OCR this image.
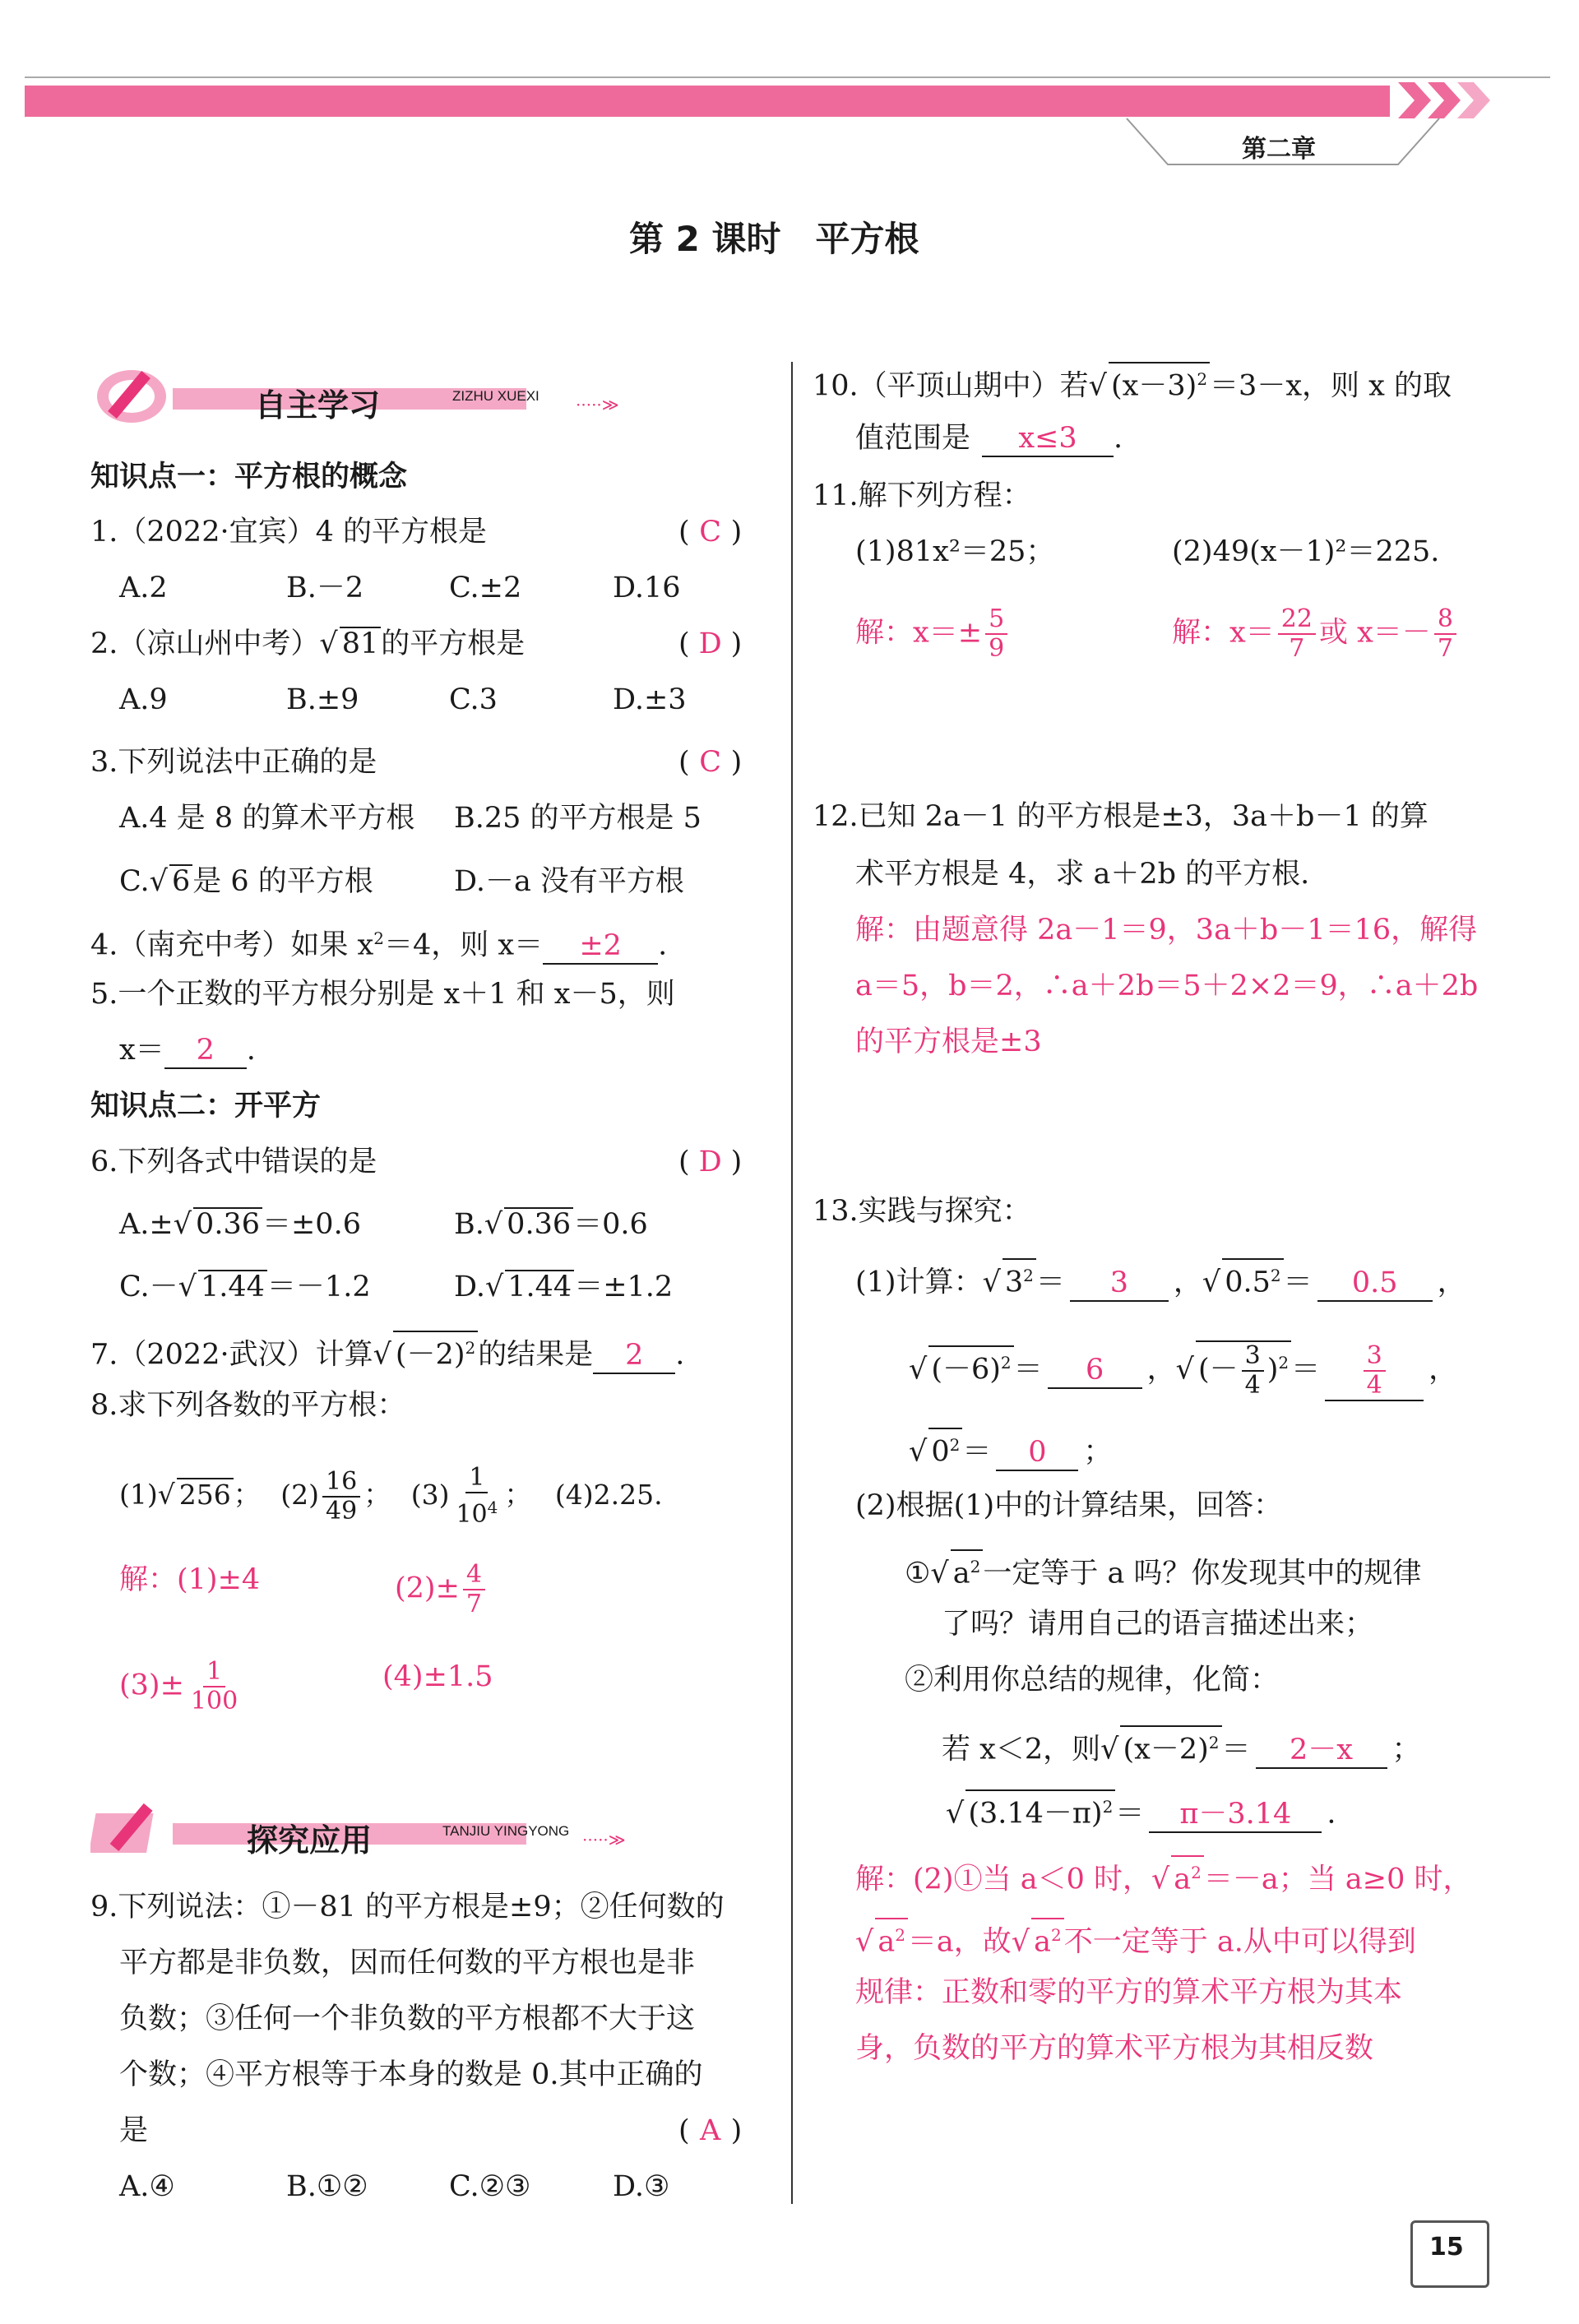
第二章
第 2 课时　平方根
自主学习	ZIZHU XUEXI ·····≫
知识点一：平方根的概念
1.（2022·宜宾）4 的平方根是	( C )
A.2	B.－2	C.±2	D.16
2.（凉山州中考）√ 81的平方根是	( D )
A.9	B.±9	C.3	D.±3
3.下列说法中正确的是	( C )
A.4 是 8 的算术平方根 B.25 的平方根是 5
C.√ 6是 6 的平方根	D.－a 没有平方根
4.（南充中考）如果 $x^2=4$，则 x＝ ±2 .
5.一个正数的平方根分别是 x＋1 和 x－5，则
x＝ 2 .
知识点二：开平方
6.下列各式中错误的是	( D )
A.±√ 0.36＝±0.6	B.√ 0.36＝0.6
C.－√ 1.44＝－1.2	D.√ 1.44＝±1.2
7.（2022·武汉）计算√ $(-2)^2$的结果是 2 .
8.求下列各数的平方根：
(1)√ 256； $(2) \frac{16}{49}$ ； $(3) \frac{1}{10^4}$ ； (4)2.25.
解：(1)±4	$(2)\pm \frac{4}{7}$
$(3)\pm \frac{1}{100}$	(4)±1.5
探究应用	TANJIU YINGYONG ·····≫
9.下列说法：①－81 的平方根是±9；②任何数的
平方都是非负数，因而任何数的平方根也是非
负数；③任何一个非负数的平方根都不大于这
个数；④平方根等于本身的数是 0.其中正确的
是	( A )
A.④	B.①②	C.②③	D.③
10.（平顶山期中）若√ $(x-3)^2=3-x$，则 x 的取
值范围是 x≤3 .
11.解下列方程：
(1)81x²＝25；	(2)49(x－1)²＝225.
解：$x=\pm \frac{5}{9}$	解：$x= \frac{22}{7}$ 或 $x=- \frac{8}{7}$
12.已知 2a－1 的平方根是±3，3a＋b－1 的算
术平方根是 4，求 a＋2b 的平方根.
解：由题意得 2a－1＝9，3a＋b－1＝16，解得
a＝5，b＝2，∴a＋2b＝5＋2×2＝9，∴a＋2b
的平方根是±3
13.实践与探究：
(1)计算：√ $3^2= 3$ ，√ $0.5^2= 0.5$ ，
√ $(-6)^2= 6$ ，√ (－ $\frac{3}{4} )^2= \frac{3}{4}$ ，
√ $0^2= 0$ ；
(2)根据(1)中的计算结果，回答：
①√ $a^2$一定等于 a 吗？你发现其中的规律
了吗？请用自己的语言描述出来；
②利用你总结的规律，化简：
若 x＜2，则√ $(x-2)^2= 2-x$ ；
√ $(3.14-\pi)^2= \pi-3.14$ .
解：(2)①当 a＜0 时，√ $a^2=-a$；当 a≥0 时，
√ $a^2=a$，故√ $a^2$不一定等于 a.从中可以得到
规律：正数和零的平方的算术平方根为其本
身，负数的平方的算术平方根为其相反数
15
